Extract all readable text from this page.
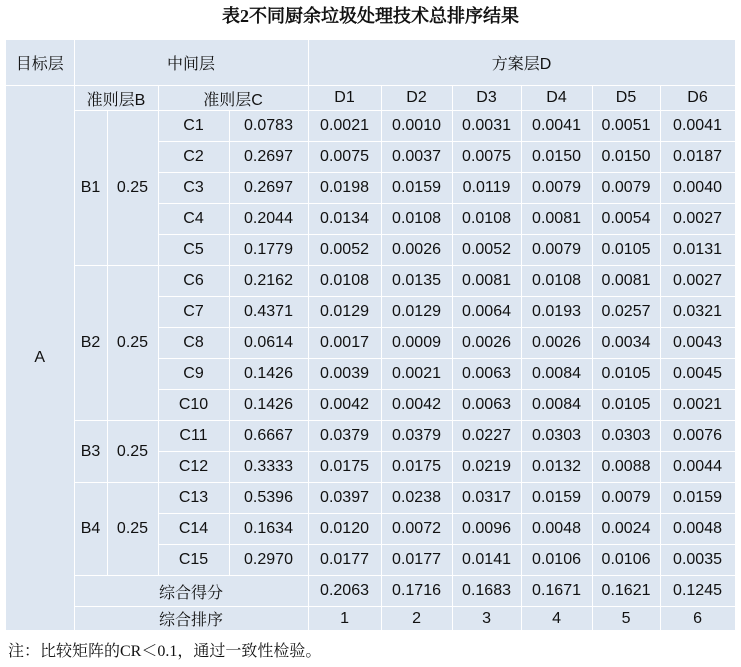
表2不同厨余垃圾处理技术总排序结果
目标层	中间层				方案层D					
A	准则层B		准则层C		D1	D2	D3	D4	D5	D6
	B1	0.25	C1	0.0783	0.0021	0.0010	0.0031	0.0041	0.0051	0.0041
			C2	0.2697	0.0075	0.0037	0.0075	0.0150	0.0150	0.0187
			C3	0.2697	0.0198	0.0159	0.0119	0.0079	0.0079	0.0040
			C4	0.2044	0.0134	0.0108	0.0108	0.0081	0.0054	0.0027
			C5	0.1779	0.0052	0.0026	0.0052	0.0079	0.0105	0.0131
	B2	0.25	C6	0.2162	0.0108	0.0135	0.0081	0.0108	0.0081	0.0027
			C7	0.4371	0.0129	0.0129	0.0064	0.0193	0.0257	0.0321
			C8	0.0614	0.0017	0.0009	0.0026	0.0026	0.0034	0.0043
			C9	0.1426	0.0039	0.0021	0.0063	0.0084	0.0105	0.0045
			C10	0.1426	0.0042	0.0042	0.0063	0.0084	0.0105	0.0021
	B3	0.25	C11	0.6667	0.0379	0.0379	0.0227	0.0303	0.0303	0.0076
			C12	0.3333	0.0175	0.0175	0.0219	0.0132	0.0088	0.0044
	B4	0.25	C13	0.5396	0.0397	0.0238	0.0317	0.0159	0.0079	0.0159
			C14	0.1634	0.0120	0.0072	0.0096	0.0048	0.0024	0.0048
			C15	0.2970	0.0177	0.0177	0.0141	0.0106	0.0106	0.0035
	综合得分				0.2063	0.1716	0.1683	0.1671	0.1621	0.1245
	综合排序				1	2	3	4	5	6
注：比较矩阵的CR＜0.1，通过一致性检验。
